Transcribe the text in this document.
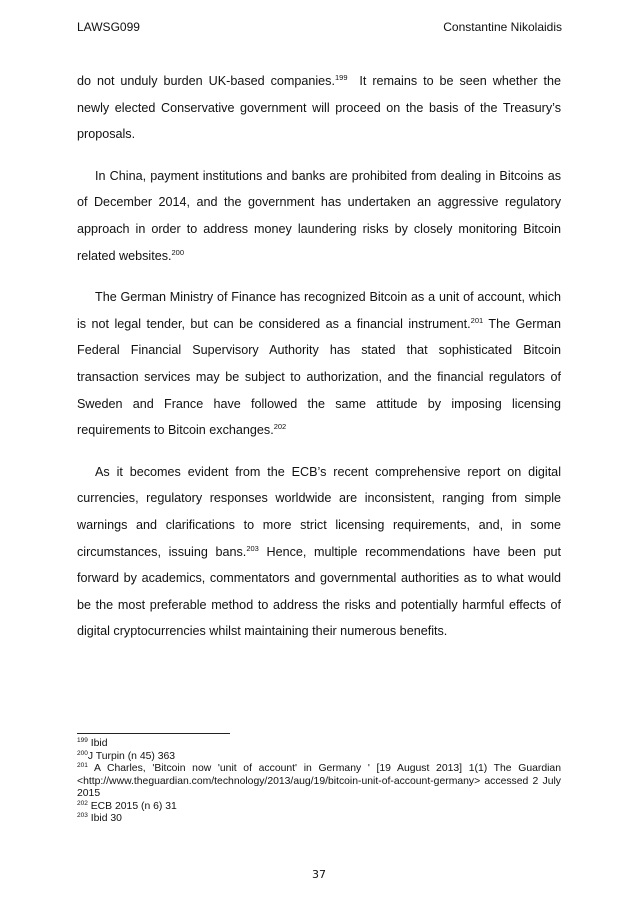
LAWSG099	Constantine Nikolaidis

do not unduly burden UK-based companies.$^{199}$  It remains to be seen whether the newly elected Conservative government will proceed on the basis of the Treasury’s proposals.

In China, payment institutions and banks are prohibited from dealing in Bitcoins as of December 2014, and the government has undertaken an aggressive regulatory approach in order to address money laundering risks by closely monitoring Bitcoin related websites.$^{200}$

The German Ministry of Finance has recognized Bitcoin as a unit of account, which is not legal tender, but can be considered as a financial instrument.$^{201}$ The German Federal Financial Supervisory Authority has stated that sophisticated Bitcoin transaction services may be subject to authorization, and the financial regulators of Sweden and France have followed the same attitude by imposing licensing requirements to Bitcoin exchanges.$^{202}$

As it becomes evident from the ECB’s recent comprehensive report on digital currencies, regulatory responses worldwide are inconsistent, ranging from simple warnings and clarifications to more strict licensing requirements, and, in some circumstances, issuing bans.$^{203}$ Hence, multiple recommendations have been put forward by academics, commentators and governmental authorities as to what would be the most preferable method to address the risks and potentially harmful effects of digital cryptocurrencies whilst maintaining their numerous benefits.

$^{199}$ Ibid
$^{200}$J Turpin (n 45) 363
$^{201}$ A Charles, 'Bitcoin now 'unit of account' in Germany ' [19 August 2013] 1(1) The Guardian <http://www.theguardian.com/technology/2013/aug/19/bitcoin-unit-of-account-germany> accessed 2 July 2015
$^{202}$ ECB 2015 (n 6) 31
$^{203}$ Ibid 30
37
